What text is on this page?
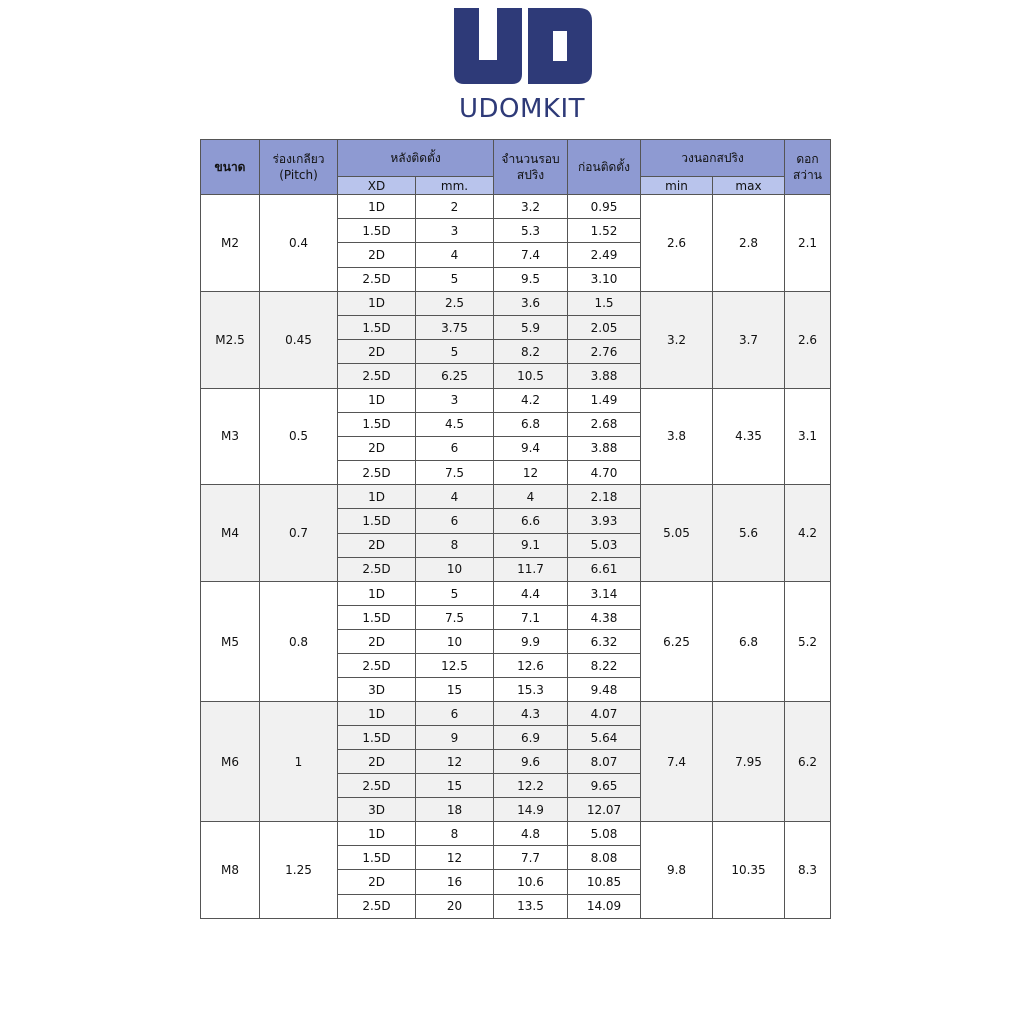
UDOMKIT
ขนาด	ร่องเกลียว
(Pitch)	หลังติดตั้ง		จำนวนรอบ
สปริง	ก่อนติดตั้ง	วงนอกสปริง		ดอก
สว่าน
		XD	mm.			min	max	
M2	0.4	1D	2	3.2	0.95	2.6	2.8	2.1
		1.5D	3	5.3	1.52			
		2D	4	7.4	2.49			
		2.5D	5	9.5	3.10			
M2.5	0.45	1D	2.5	3.6	1.5	3.2	3.7	2.6
		1.5D	3.75	5.9	2.05			
		2D	5	8.2	2.76			
		2.5D	6.25	10.5	3.88			
M3	0.5	1D	3	4.2	1.49	3.8	4.35	3.1
		1.5D	4.5	6.8	2.68			
		2D	6	9.4	3.88			
		2.5D	7.5	12	4.70			
M4	0.7	1D	4	4	2.18	5.05	5.6	4.2
		1.5D	6	6.6	3.93			
		2D	8	9.1	5.03			
		2.5D	10	11.7	6.61			
M5	0.8	1D	5	4.4	3.14	6.25	6.8	5.2
		1.5D	7.5	7.1	4.38			
		2D	10	9.9	6.32			
		2.5D	12.5	12.6	8.22			
		3D	15	15.3	9.48			
M6	1	1D	6	4.3	4.07	7.4	7.95	6.2
		1.5D	9	6.9	5.64			
		2D	12	9.6	8.07			
		2.5D	15	12.2	9.65			
		3D	18	14.9	12.07			
M8	1.25	1D	8	4.8	5.08	9.8	10.35	8.3
		1.5D	12	7.7	8.08			
		2D	16	10.6	10.85			
		2.5D	20	13.5	14.09			
